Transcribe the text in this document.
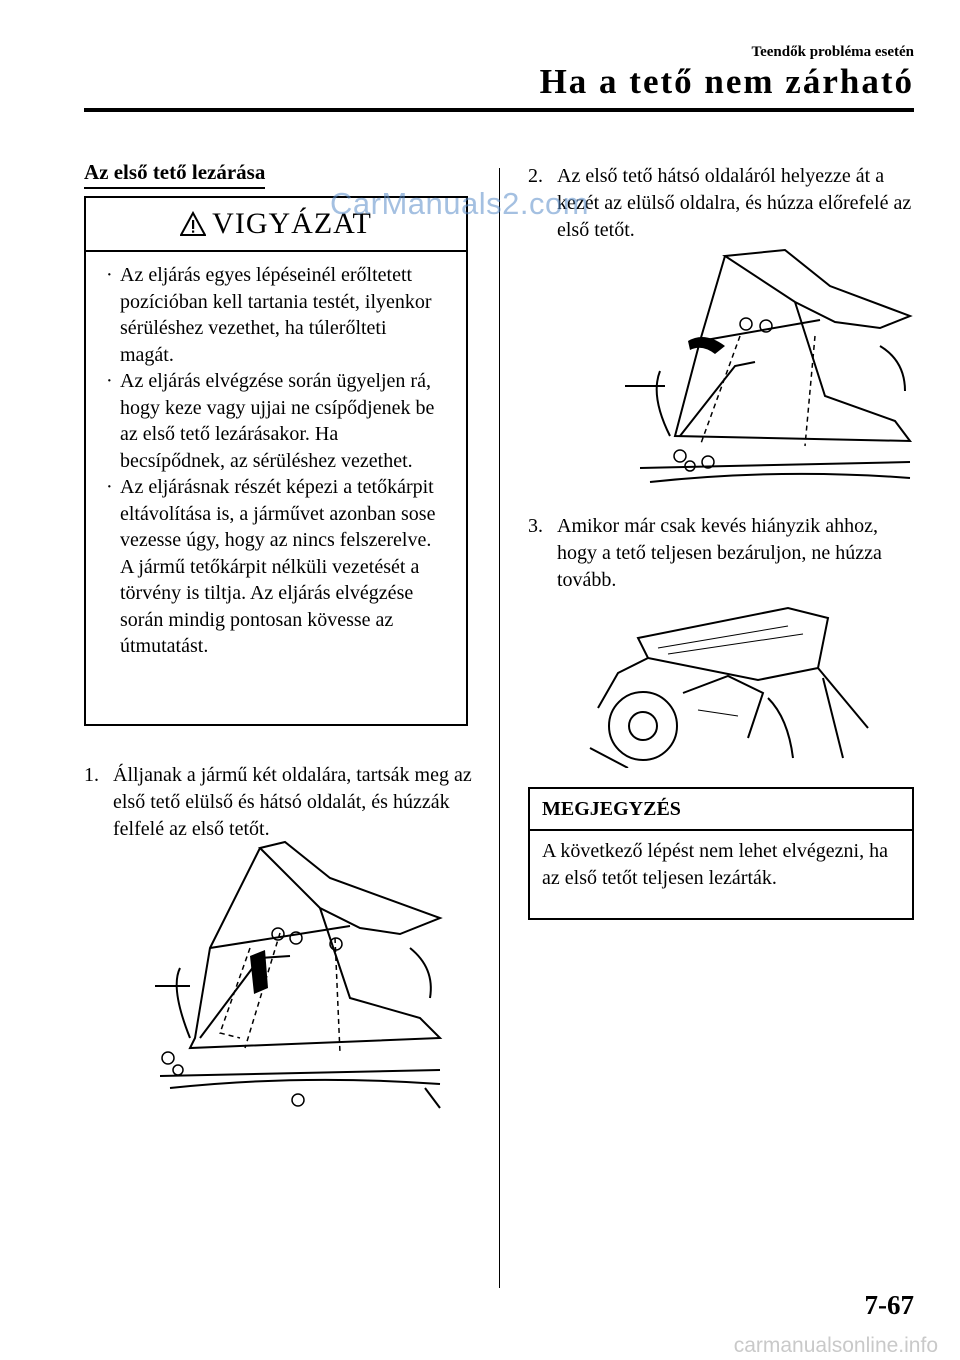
Teendők probléma esetén
Ha a tető nem zárható
Az első tető lezárása
VIGYÁZAT
· Az eljárás egyes lépéseinél erőltetett pozícióban kell tartania testét, ilyenkor sérüléshez vezethet, ha túlerőlteti magát.
· Az eljárás elvégzése során ügyeljen rá, hogy keze vagy ujjai ne csípődjenek be az első tető lezárásakor. Ha becsípődnek, az sérüléshez vezethet.
· Az eljárásnak részét képezi a tetőkárpit eltávolítása is, a járművet azonban sose vezesse úgy, hogy az nincs felszerelve. A jármű tetőkárpit nélküli vezetését a törvény is tiltja. Az eljárás elvégzése során mindig pontosan kövesse az útmutatást.
1. Álljanak a jármű két oldalára, tartsák meg az első tető elülső és hátsó oldalát, és húzzák felfelé az első tetőt.
2. Az első tető hátsó oldaláról helyezze át a kezét az elülső oldalra, és húzza előrefelé az első tetőt.
3. Amikor már csak kevés hiányzik ahhoz, hogy a tető teljesen bezáruljon, ne húzza tovább.
MEGJEGYZÉS
A következő lépést nem lehet elvégezni, ha az első tetőt teljesen lezárták.
CarManuals2.com
7-67
carmanualsonline.info
